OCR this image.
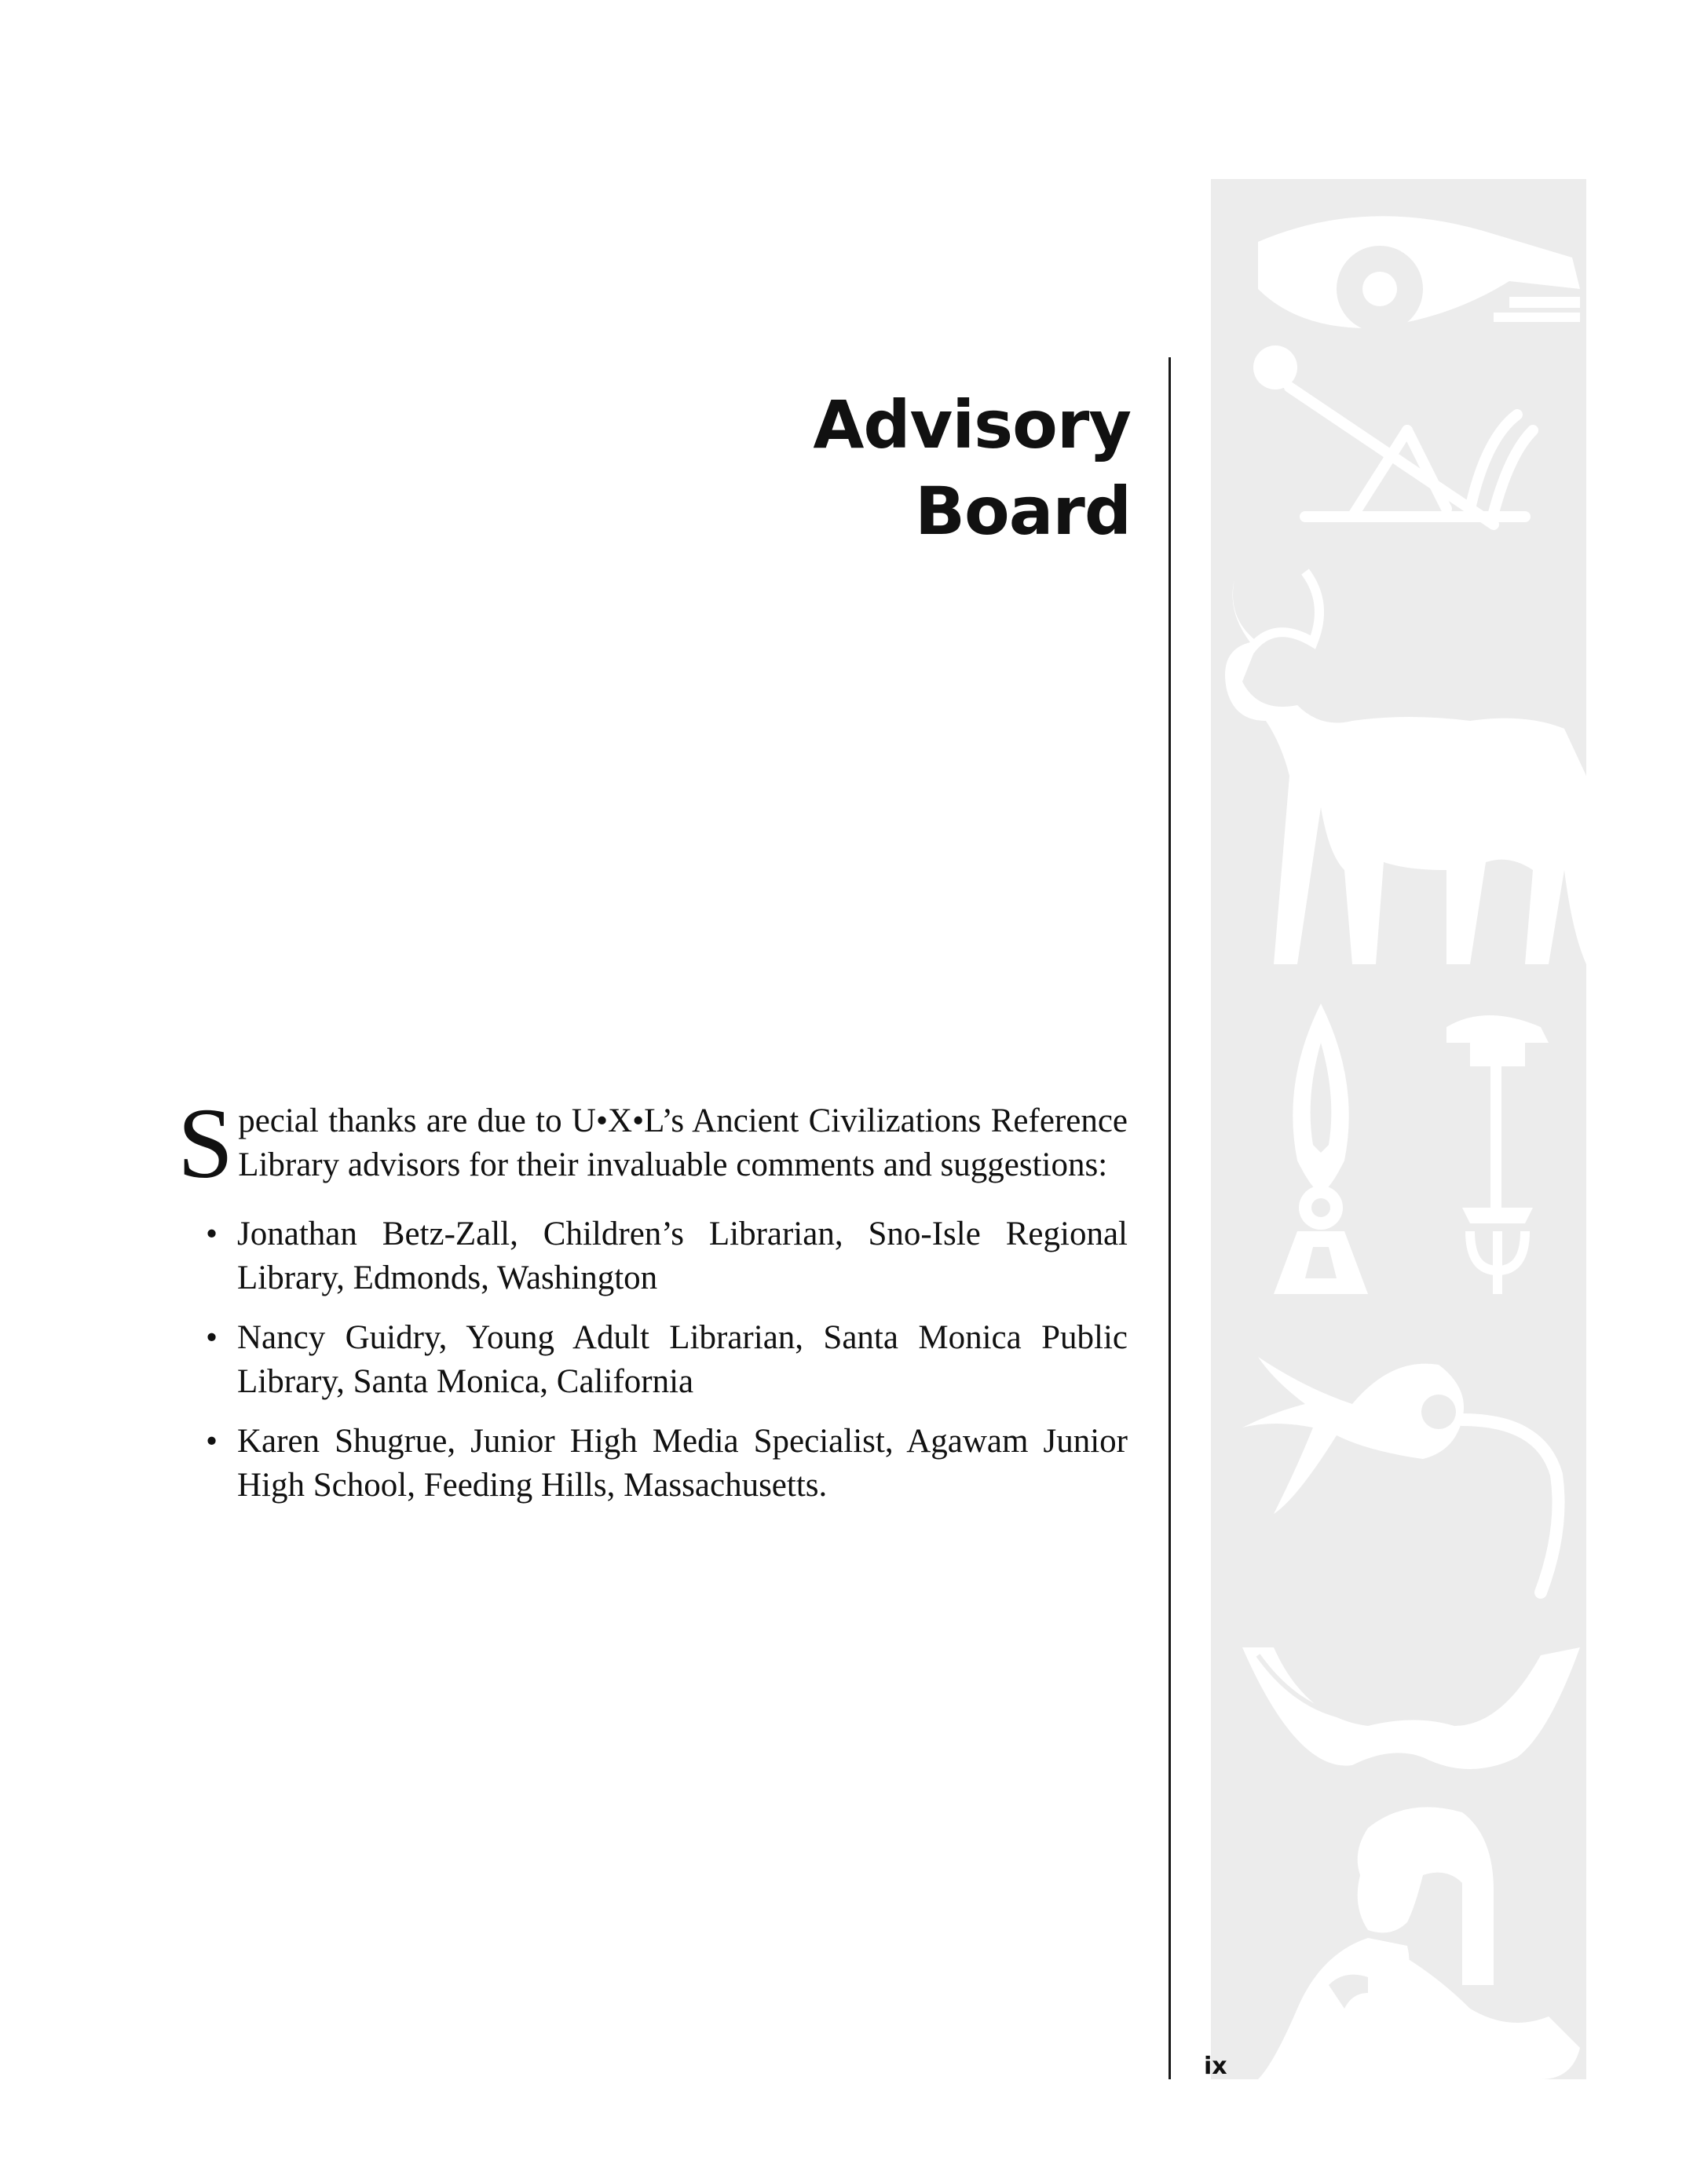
Advisory Board
ix

Special thanks are due to U•X•L’s Ancient Civilizations Reference Library advisors for their invaluable comments and suggestions:

• Jonathan Betz-Zall, Children’s Librarian, Sno-Isle Regional Library, Edmonds, Washington
• Nancy Guidry, Young Adult Librarian, Santa Monica Public Library, Santa Monica, California
• Karen Shugrue, Junior High Media Specialist, Agawam Junior High School, Feeding Hills, Massachusetts.
